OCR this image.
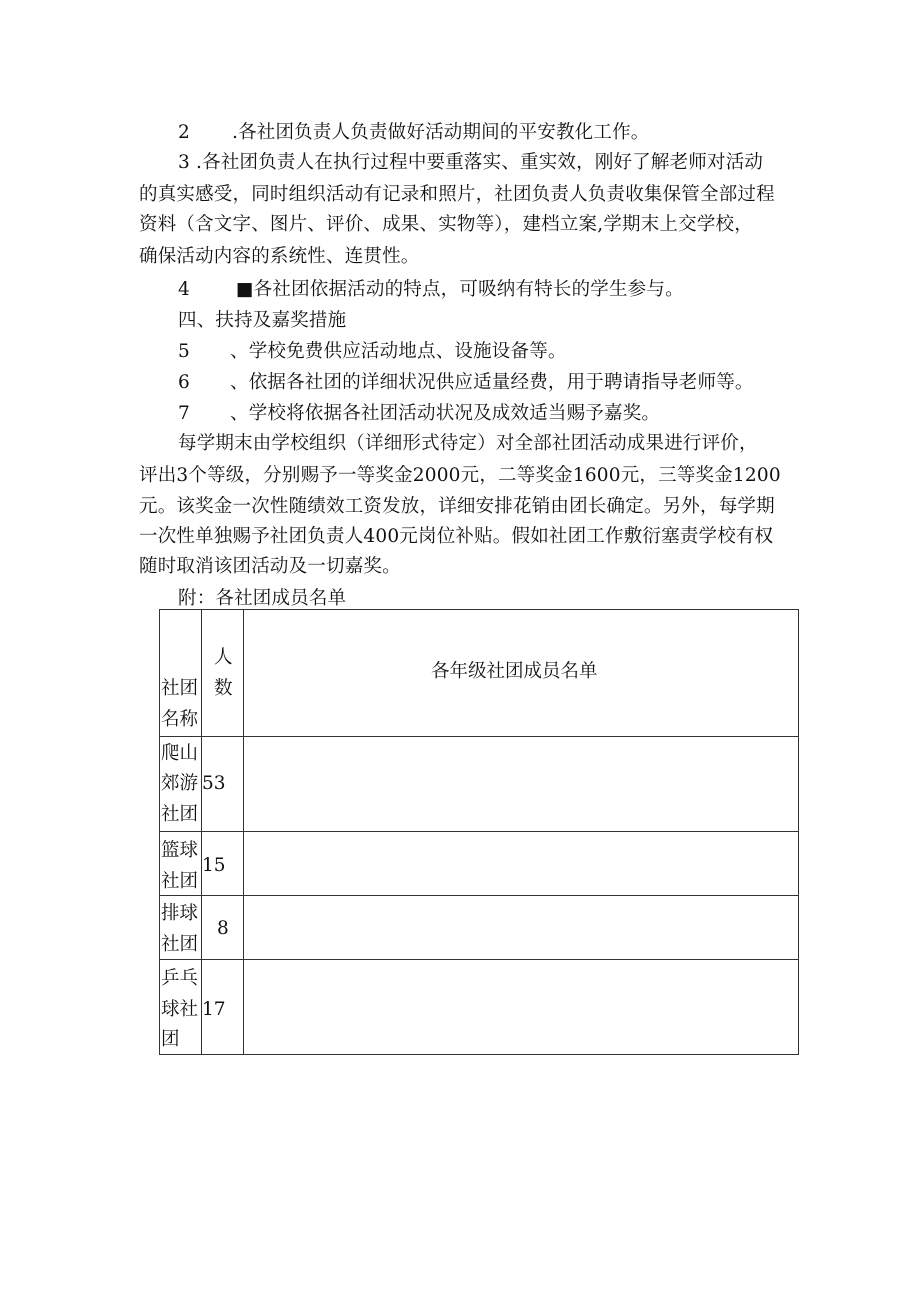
2 .各社团负责人负责做好活动期间的平安教化工作。
3 .各社团负责人在执行过程中要重落实、重实效，刚好了解老师对活动
的真实感受，同时组织活动有记录和照片，社团负责人负责收集保管全部过程
资料（含文字、图片、评价、成果、实物等），建档立案,学期末上交学校，
确保活动内容的系统性、连贯性。
4 ■各社团依据活动的特点，可吸纳有特长的学生参与。
四、扶持及嘉奖措施
5 、学校免费供应活动地点、设施设备等。
6 、依据各社团的详细状况供应适量经费，用于聘请指导老师等。
7 、学校将依据各社团活动状况及成效适当赐予嘉奖。
每学期末由学校组织（详细形式待定）对全部社团活动成果进行评价，
评出3个等级，分别赐予一等奖金2000元，二等奖金1600元，三等奖金1200
元。该奖金一次性随绩效工资发放，详细安排花销由团长确定。另外，每学期
一次性单独赐予社团负责人400元岗位补贴。假如社团工作敷衍塞责学校有权
随时取消该团活动及一切嘉奖。
附：各社团成员名单
社团
名称
人
数
各年级社团成员名单
爬山
郊游
社团
53
篮球
社团
15
排球
社团
8
乒乓
球社
团
17
